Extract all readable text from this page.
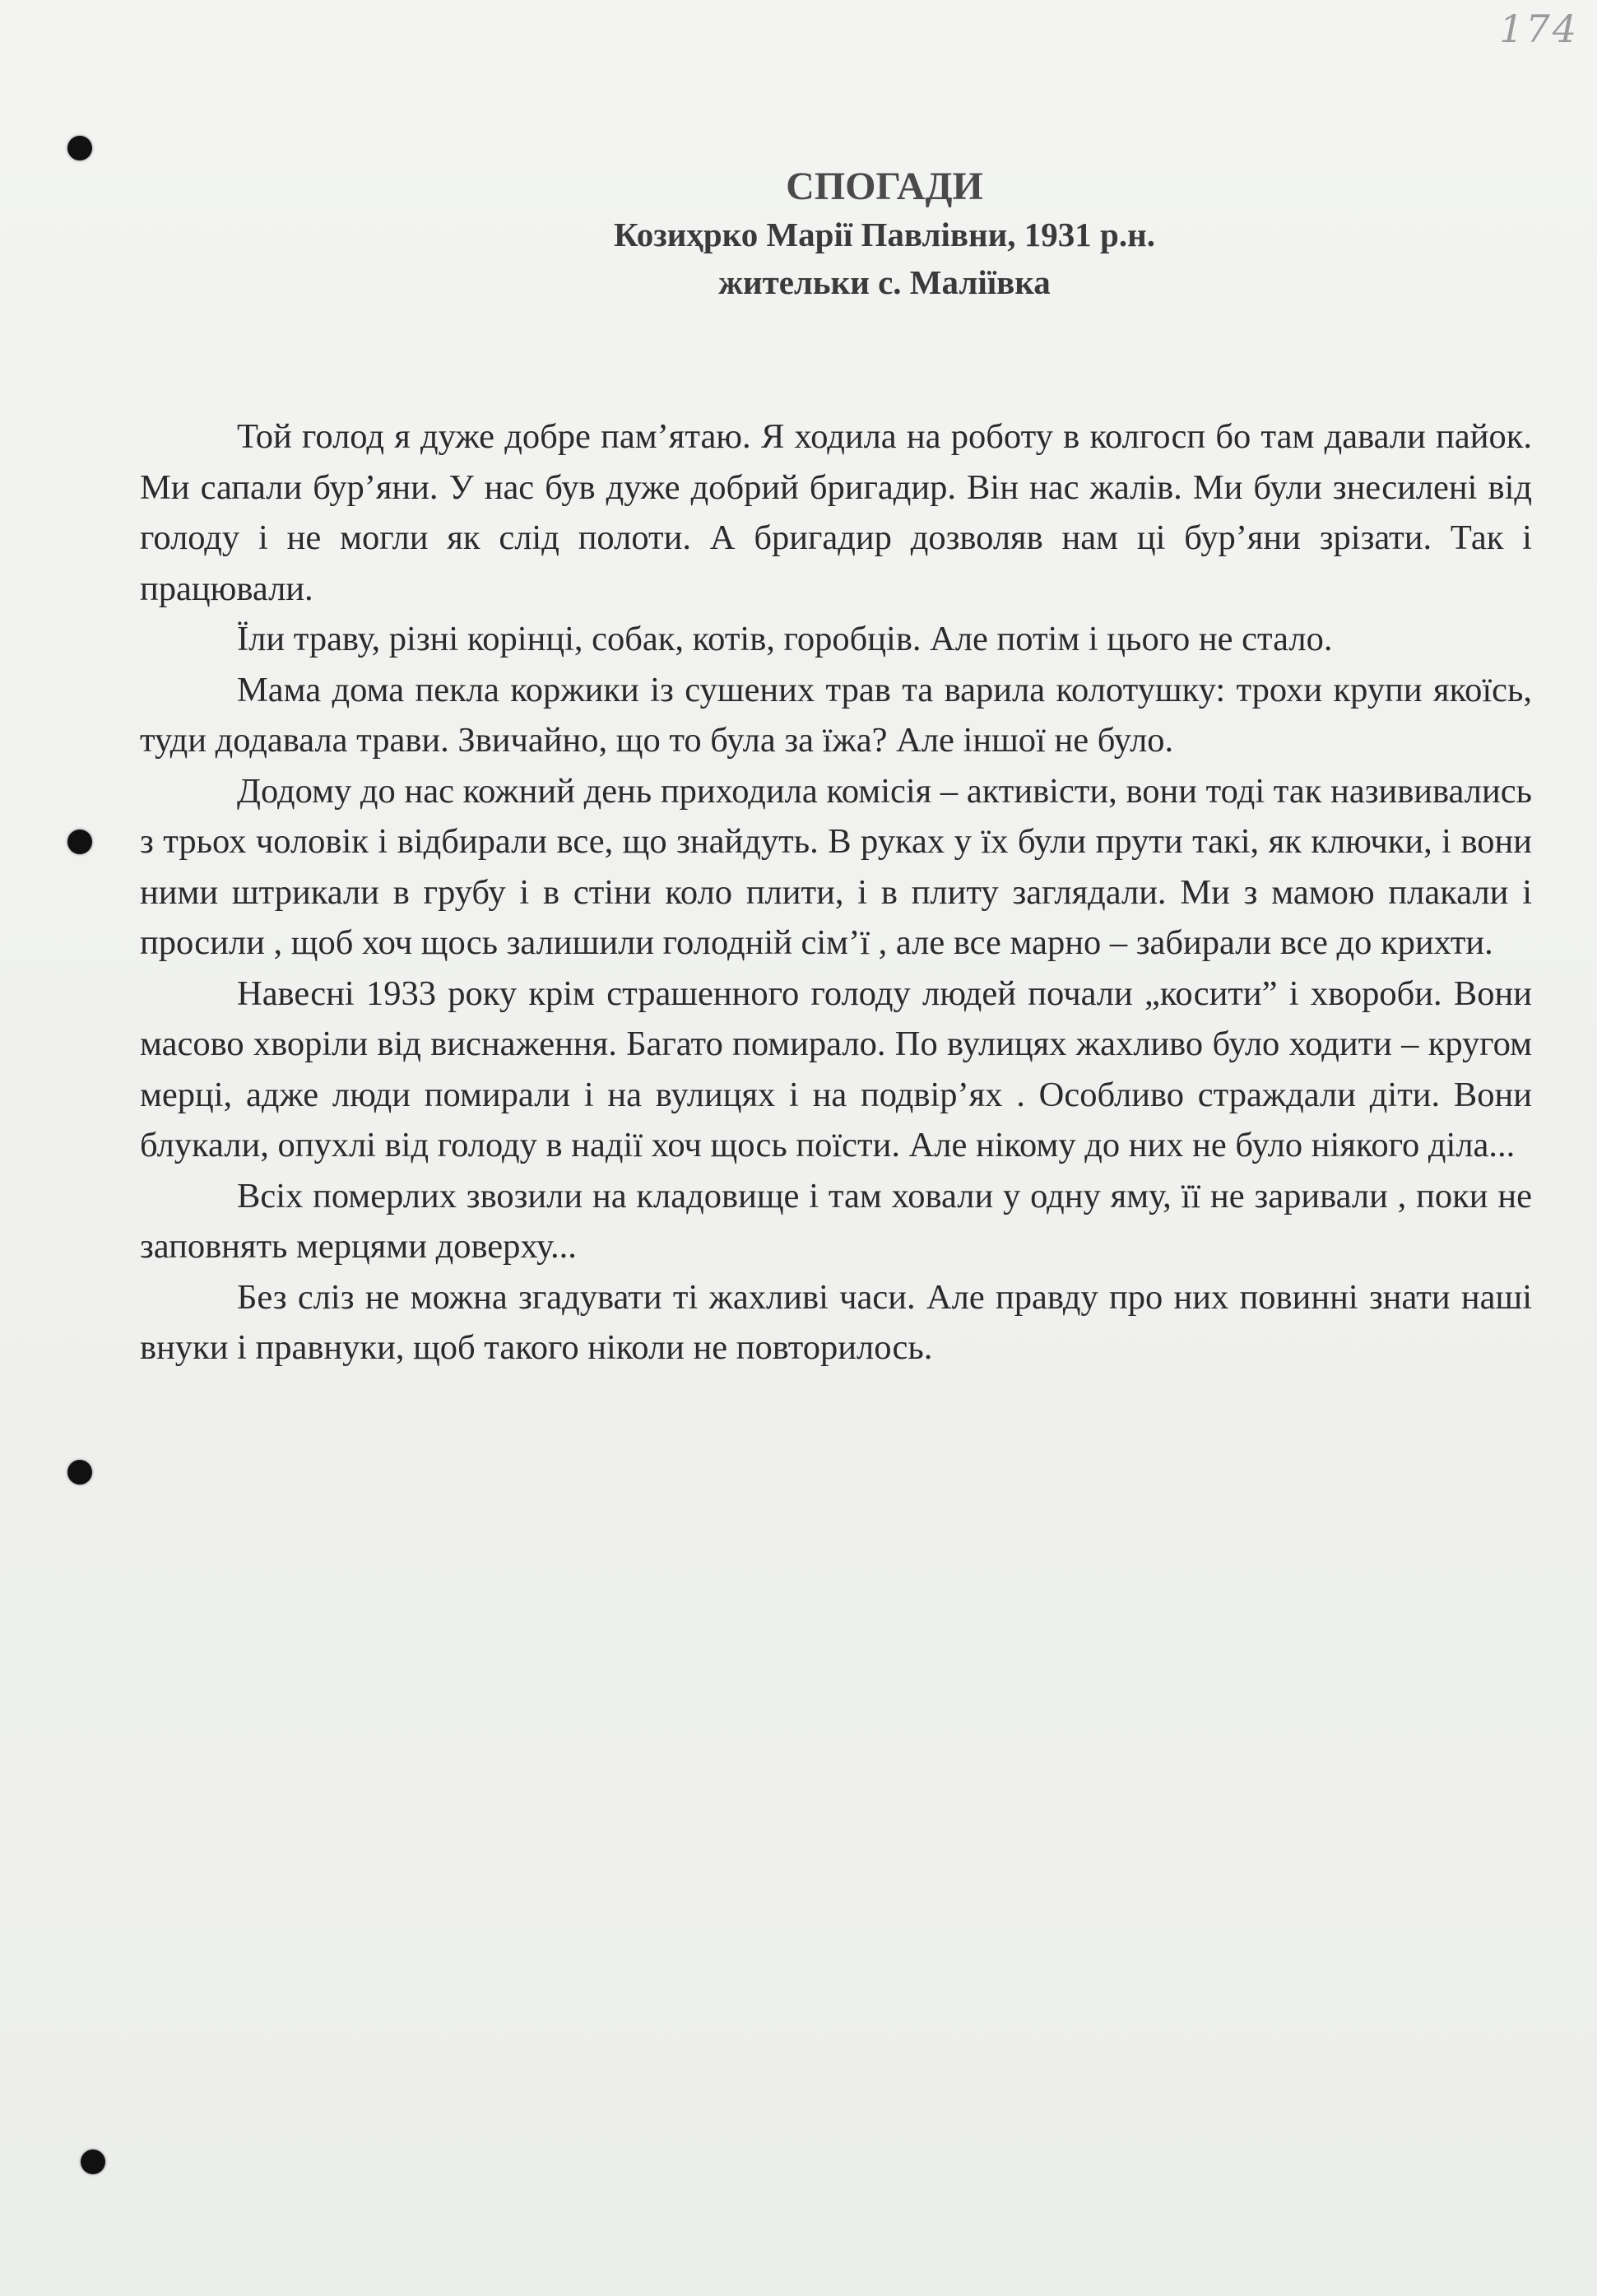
174
СПОГАДИ
Козиҳрко Марії Павлівни, 1931 р.н.
жительки с. Маліївка

Той голод я дуже добре пам’ятаю. Я ходила на роботу в колгосп бо там давали пайок. Ми сапали бур’яни. У нас був дуже добрий бригадир. Він нас жалів. Ми були знесилені від голоду і не могли як слід полоти. А бригадир дозволяв нам ці бур’яни зрізати. Так і працювали.

Їли траву, різні корінці, собак, котів, горобців. Але потім і цього не стало.

Мама дома пекла коржики із сушених трав та варила колотушку: трохи крупи якоїсь, туди додавала трави. Звичайно, що то була за їжа? Але іншої не було.

Додому до нас кожний день приходила комісія – активісти, вони тоді так назививались з трьох чоловік і відбирали все, що знайдуть. В руках у їх були прути такі, як ключки, і вони ними штрикали в грубу і в стіни коло плити, і в плиту заглядали. Ми з мамою плакали і просили , щоб хоч щось залишили голодній сім’ї , але все марно – забирали все до крихти.

Навесні 1933 року крім страшенного голоду людей почали „косити” і хвороби. Вони масово хворіли від виснаження. Багато помирало. По вулицях жахливо було ходити – кругом мерці, адже люди помирали і на вулицях і на подвір’ях . Особливо страждали діти. Вони блукали, опухлі від голоду в надії хоч щось поїсти. Але нікому до них не було ніякого діла...

Всіх померлих звозили на кладовище і там ховали у одну яму, її не заривали , поки не заповнять мерцями доверху...

Без сліз не можна згадувати ті жахливі часи. Але правду про них повинні знати наші внуки і правнуки, щоб такого ніколи не повторилось.
